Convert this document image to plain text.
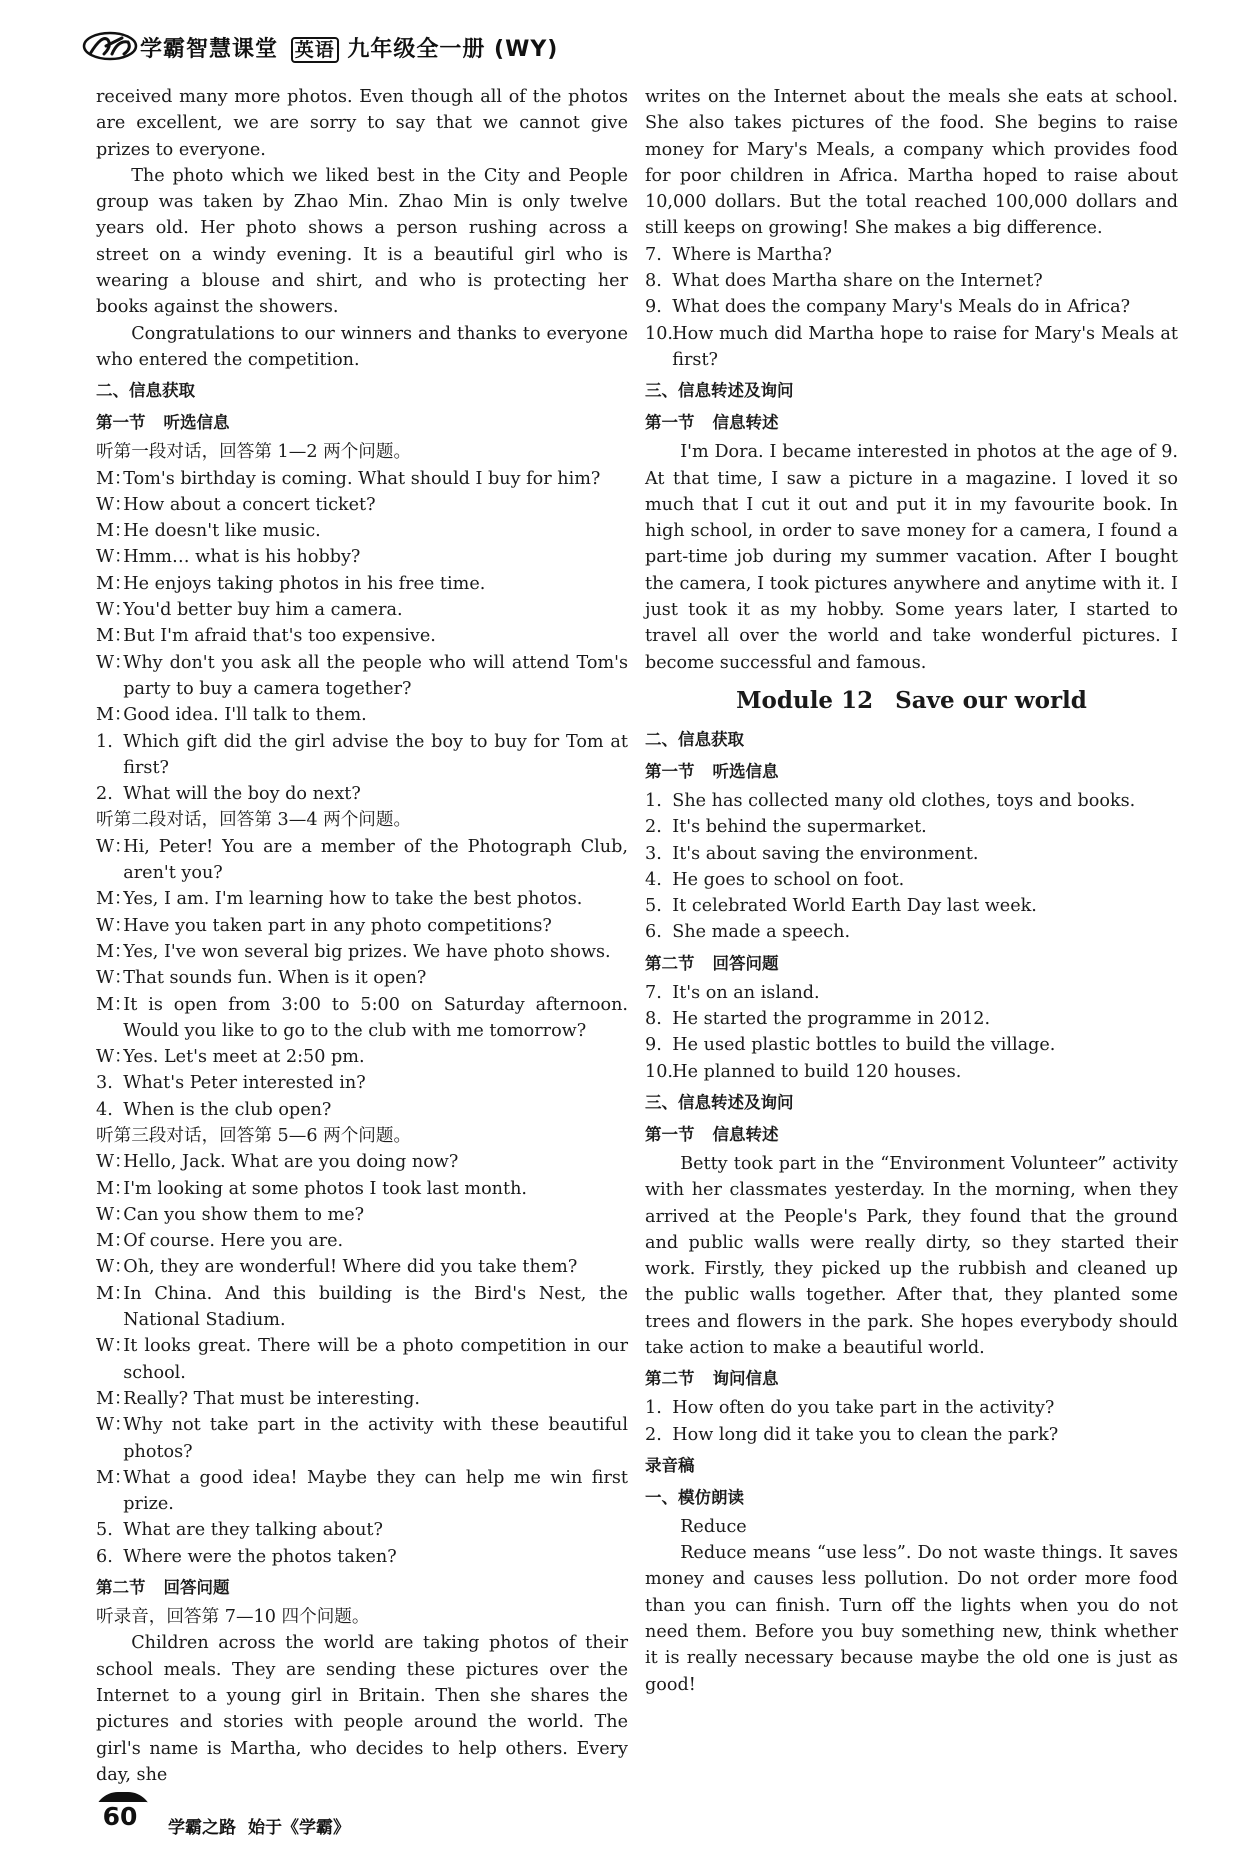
学霸智慧课堂 英语 九年级全一册 (WY)

received many more photos. Even though all of the photos are excellent, we are sorry to say that we cannot give prizes to everyone.

The photo which we liked best in the City and People group was taken by Zhao Min. Zhao Min is only twelve years old. Her photo shows a person rushing across a street on a windy evening. It is a beautiful girl who is wearing a blouse and shirt, and who is protecting her books against the showers.

Congratulations to our winners and thanks to everyone who entered the competition.

二、信息获取
第一节 听选信息

听第一段对话，回答第 1—2 两个问题。

M：Tom's birthday is coming. What should I buy for him?

W：How about a concert ticket?

M：He doesn't like music.

W：Hmm… what is his hobby?

M：He enjoys taking photos in his free time.

W：You'd better buy him a camera.

M：But I'm afraid that's too expensive.

W：Why don't you ask all the people who will attend Tom's party to buy a camera together?

M：Good idea. I'll talk to them.

1. Which gift did the girl advise the boy to buy for Tom at first?

2. What will the boy do next?

听第二段对话，回答第 3—4 两个问题。

W：Hi, Peter! You are a member of the Photograph Club, aren't you?

M：Yes, I am. I'm learning how to take the best photos.

W：Have you taken part in any photo competitions?

M：Yes, I've won several big prizes. We have photo shows.

W：That sounds fun. When is it open?

M：It is open from 3:00 to 5:00 on Saturday afternoon. Would you like to go to the club with me tomorrow?

W：Yes. Let's meet at 2:50 pm.

3. What's Peter interested in?

4. When is the club open?

听第三段对话，回答第 5—6 两个问题。

W：Hello, Jack. What are you doing now?

M：I'm looking at some photos I took last month.

W：Can you show them to me?

M：Of course. Here you are.

W：Oh, they are wonderful! Where did you take them?

M：In China. And this building is the Bird's Nest, the National Stadium.

W：It looks great. There will be a photo competition in our school.

M：Really? That must be interesting.

W：Why not take part in the activity with these beautiful photos?

M：What a good idea! Maybe they can help me win first prize.

5. What are they talking about?

6. Where were the photos taken?

第二节 回答问题

听录音，回答第 7—10 四个问题。

Children across the world are taking photos of their school meals. They are sending these pictures over the Internet to a young girl in Britain. Then she shares the pictures and stories with people around the world. The girl's name is Martha, who decides to help others. Every day, she

writes on the Internet about the meals she eats at school. She also takes pictures of the food. She begins to raise money for Mary's Meals, a company which provides food for poor children in Africa. Martha hoped to raise about 10,000 dollars. But the total reached 100,000 dollars and still keeps on growing! She makes a big difference.

7. Where is Martha?

8. What does Martha share on the Internet?

9. What does the company Mary's Meals do in Africa?

10.How much did Martha hope to raise for Mary's Meals at first?

三、信息转述及询问
第一节 信息转述

I'm Dora. I became interested in photos at the age of 9. At that time, I saw a picture in a magazine. I loved it so much that I cut it out and put it in my favourite book. In high school, in order to save money for a camera, I found a part-time job during my summer vacation. After I bought the camera, I took pictures anywhere and anytime with it. I just took it as my hobby. Some years later, I started to travel all over the world and take wonderful pictures. I become successful and famous.

Module 12 Save our world
二、信息获取
第一节 听选信息

1. She has collected many old clothes, toys and books.

2. It's behind the supermarket.

3. It's about saving the environment.

4. He goes to school on foot.

5. It celebrated World Earth Day last week.

6. She made a speech.

第二节 回答问题

7. It's on an island.

8. He started the programme in 2012.

9. He used plastic bottles to build the village.

10.He planned to build 120 houses.

三、信息转述及询问
第一节 信息转述

Betty took part in the “Environment Volunteer” activity with her classmates yesterday. In the morning, when they arrived at the People's Park, they found that the ground and public walls were really dirty, so they started their work. Firstly, they picked up the rubbish and cleaned up the public walls together. After that, they planted some trees and flowers in the park. She hopes everybody should take action to make a beautiful world.

第二节 询问信息

1. How often do you take part in the activity?

2. How long did it take you to clean the park?

录音稿
一、模仿朗读

Reduce

Reduce means “use less”. Do not waste things. It saves money and causes less pollution. Do not order more food than you can finish. Turn off the lights when you do not need them. Before you buy something new, think whether it is really necessary because maybe the old one is just as good!

60	学霸之路 始于《学霸》
